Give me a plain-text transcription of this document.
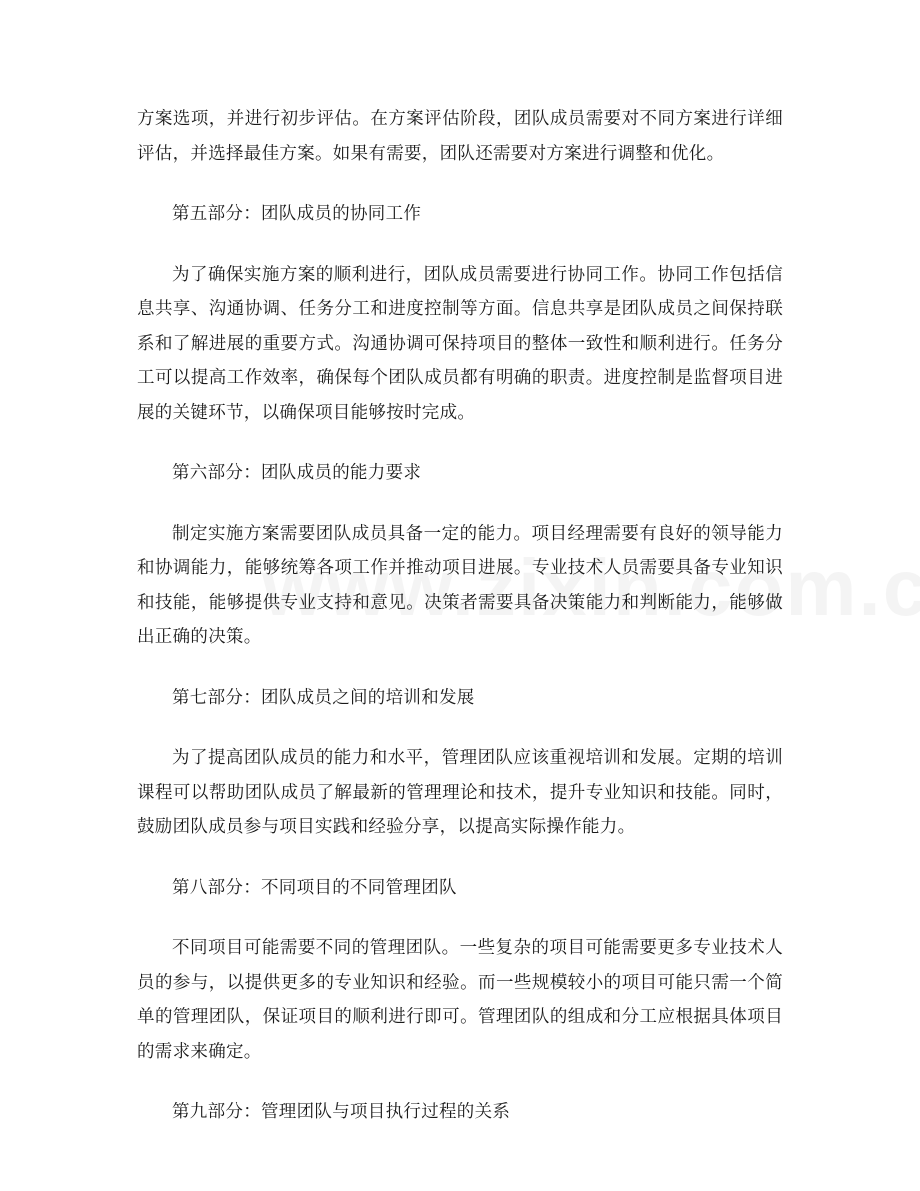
方案选项，并进行初步评估。在方案评估阶段，团队成员需要对不同方案进行详细评估，并选择最佳方案。如果有需要，团队还需要对方案进行调整和优化。

第五部分：团队成员的协同工作

为了确保实施方案的顺利进行，团队成员需要进行协同工作。协同工作包括信息共享、沟通协调、任务分工和进度控制等方面。信息共享是团队成员之间保持联系和了解进展的重要方式。沟通协调可保持项目的整体一致性和顺利进行。任务分工可以提高工作效率，确保每个团队成员都有明确的职责。进度控制是监督项目进展的关键环节，以确保项目能够按时完成。

第六部分：团队成员的能力要求

制定实施方案需要团队成员具备一定的能力。项目经理需要有良好的领导能力和协调能力，能够统筹各项工作并推动项目进展。专业技术人员需要具备专业知识和技能，能够提供专业支持和意见。决策者需要具备决策能力和判断能力，能够做出正确的决策。

第七部分：团队成员之间的培训和发展

为了提高团队成员的能力和水平，管理团队应该重视培训和发展。定期的培训课程可以帮助团队成员了解最新的管理理论和技术，提升专业知识和技能。同时，鼓励团队成员参与项目实践和经验分享，以提高实际操作能力。

第八部分：不同项目的不同管理团队

不同项目可能需要不同的管理团队。一些复杂的项目可能需要更多专业技术人员的参与，以提供更多的专业知识和经验。而一些规模较小的项目可能只需一个简单的管理团队，保证项目的顺利进行即可。管理团队的组成和分工应根据具体项目的需求来确定。

第九部分：管理团队与项目执行过程的关系
